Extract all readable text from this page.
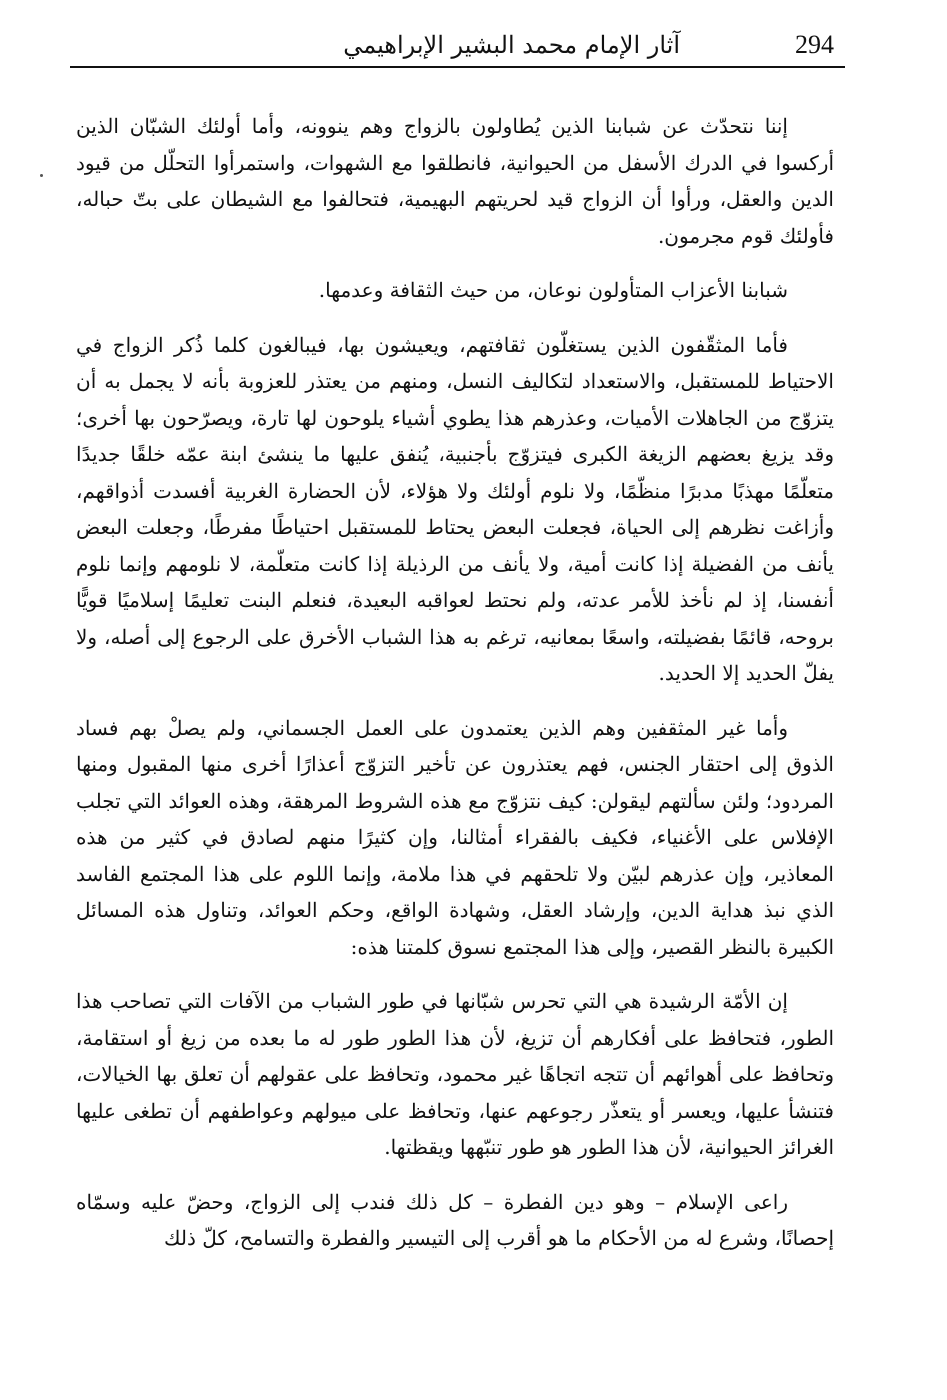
آثار الإمام محمد البشير الإبراهيمي	294

إننا نتحدّث عن شبابنا الذين يُطاولون بالزواج وهم ينوونه، وأما أولئك الشبّان الذين أركسوا في الدرك الأسفل من الحيوانية، فانطلقوا مع الشهوات، واستمرأوا التحلّل من قيود الدين والعقل، ورأوا أن الزواج قيد لحريتهم البهيمية، فتحالفوا مع الشيطان على بتّ حباله، فأولئك قوم مجرمون.

شبابنا الأعزاب المتأولون نوعان، من حيث الثقافة وعدمها.

فأما المثقّفون الذين يستغلّون ثقافتهم، ويعيشون بها، فيبالغون كلما ذُكر الزواج في الاحتياط للمستقبل، والاستعداد لتكاليف النسل، ومنهم من يعتذر للعزوبة بأنه لا يجمل به أن يتزوّج من الجاهلات الأميات، وعذرهم هذا يطوي أشياء يلوحون لها تارة، ويصرّحون بها أخرى؛ وقد يزيغ بعضهم الزيغة الكبرى فيتزوّج بأجنبية، يُنفق عليها ما ينشئ ابنة عمّه خلقًا جديدًا متعلّمًا مهذبًا مدبرًا منظّمًا، ولا نلوم أولئك ولا هؤلاء، لأن الحضارة الغربية أفسدت أذواقهم، وأزاغت نظرهم إلى الحياة، فجعلت البعض يحتاط للمستقبل احتياطًا مفرطًا، وجعلت البعض يأنف من الفضيلة إذا كانت أمية، ولا يأنف من الرذيلة إذا كانت متعلّمة، لا نلومهم وإنما نلوم أنفسنا، إذ لم نأخذ للأمر عدته، ولم نحتط لعواقبه البعيدة، فنعلم البنت تعليمًا إسلاميًا قويًّا بروحه، قائمًا بفضيلته، واسعًا بمعانيه، ترغم به هذا الشباب الأخرق على الرجوع إلى أصله، ولا يفلّ الحديد إلا الحديد.

وأما غير المثقفين وهم الذين يعتمدون على العمل الجسماني، ولم يصلْ بهم فساد الذوق إلى احتقار الجنس، فهم يعتذرون عن تأخير التزوّج أعذارًا أخرى منها المقبول ومنها المردود؛ ولئن سألتهم ليقولن: كيف نتزوّج مع هذه الشروط المرهقة، وهذه العوائد التي تجلب الإفلاس على الأغنياء، فكيف بالفقراء أمثالنا، وإن كثيرًا منهم لصادق في كثير من هذه المعاذير، وإن عذرهم لبيّن ولا تلحقهم في هذا ملامة، وإنما اللوم على هذا المجتمع الفاسد الذي نبذ هداية الدين، وإرشاد العقل، وشهادة الواقع، وحكم العوائد، وتناول هذه المسائل الكبيرة بالنظر القصير، وإلى هذا المجتمع نسوق كلمتنا هذه:

إن الأمّة الرشيدة هي التي تحرس شبّانها في طور الشباب من الآفات التي تصاحب هذا الطور، فتحافظ على أفكارهم أن تزيغ، لأن هذا الطور طور له ما بعده من زيغ أو استقامة، وتحافظ على أهوائهم أن تتجه اتجاهًا غير محمود، وتحافظ على عقولهم أن تعلق بها الخيالات، فتنشأ عليها، ويعسر أو يتعذّر رجوعهم عنها، وتحافظ على ميولهم وعواطفهم أن تطغى عليها الغرائز الحيوانية، لأن هذا الطور هو طور تنبّهها ويقظتها.

راعى الإسلام – وهو دين الفطرة – كل ذلك فندب إلى الزواج، وحضّ عليه وسمّاه إحصانًا، وشرع له من الأحكام ما هو أقرب إلى التيسير والفطرة والتسامح، كلّ ذلك
